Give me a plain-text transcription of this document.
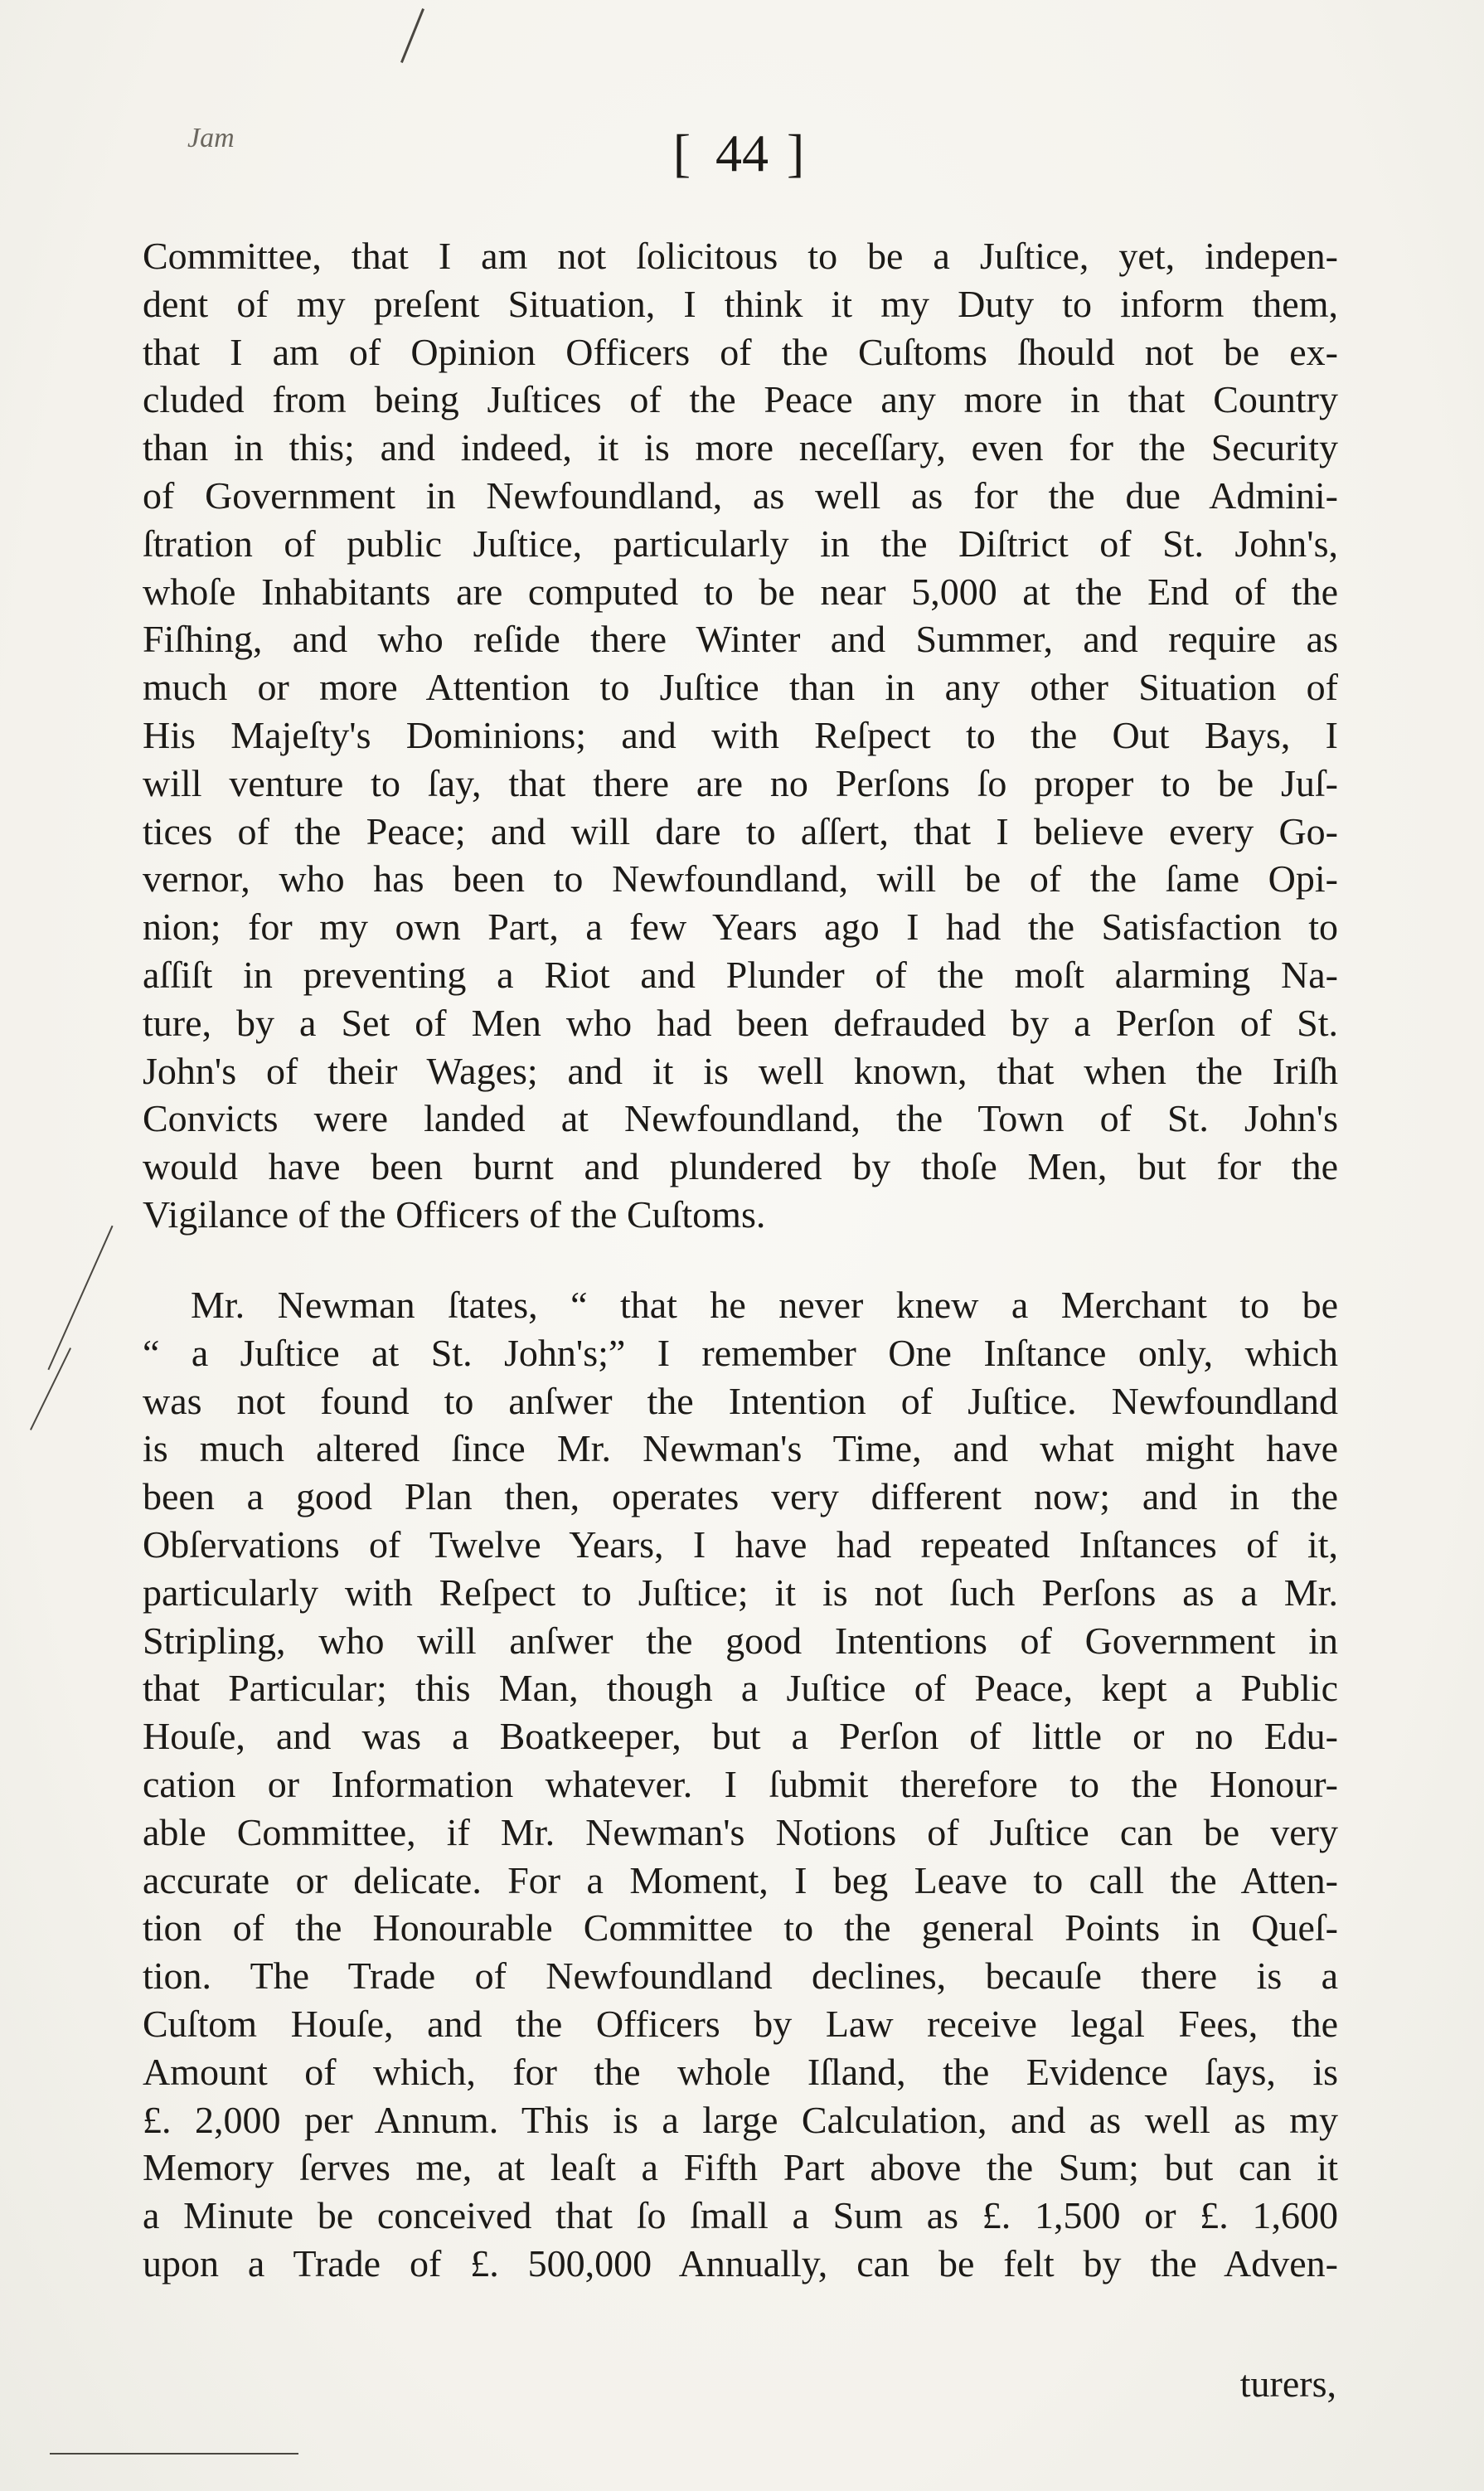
Jam	[ 44 ]
Committee, that I am not ſolicitous to be a Juſtice, yet, indepen-
dent of my preſent Situation, I think it my Duty to inform them,
that I am of Opinion Officers of the Cuſtoms ſhould not be ex-
cluded from being Juſtices of the Peace any more in that Country
than in this; and indeed, it is more neceſſary, even for the Security
of Government in Newfoundland, as well as for the due Admini-
ſtration of public Juſtice, particularly in the Diſtrict of St. John's,
whoſe Inhabitants are computed to be near 5,000 at the End of the
Fiſhing, and who reſide there Winter and Summer, and require as
much or more Attention to Juſtice than in any other Situation of
His Majeſty's Dominions; and with Reſpect to the Out Bays, I
will venture to ſay, that there are no Perſons ſo proper to be Juſ-
tices of the Peace; and will dare to aſſert, that I believe every Go-
vernor, who has been to Newfoundland, will be of the ſame Opi-
nion; for my own Part, a few Years ago I had the Satisfaction to
aſſiſt in preventing a Riot and Plunder of the moſt alarming Na-
ture, by a Set of Men who had been defrauded by a Perſon of St.
John's of their Wages; and it is well known, that when the Iriſh
Convicts were landed at Newfoundland, the Town of St. John's
would have been burnt and plundered by thoſe Men, but for the
Vigilance of the Officers of the Cuſtoms.
Mr. Newman ſtates, “ that he never knew a Merchant to be
“ a Juſtice at St. John's;” I remember One Inſtance only, which
was not found to anſwer the Intention of Juſtice. Newfoundland
is much altered ſince Mr. Newman's Time, and what might have
been a good Plan then, operates very different now; and in the
Obſervations of Twelve Years, I have had repeated Inſtances of it,
particularly with Reſpect to Juſtice; it is not ſuch Perſons as a Mr.
Stripling, who will anſwer the good Intentions of Government in
that Particular; this Man, though a Juſtice of Peace, kept a Public
Houſe, and was a Boatkeeper, but a Perſon of little or no Edu-
cation or Information whatever. I ſubmit therefore to the Honour-
able Committee, if Mr. Newman's Notions of Juſtice can be very
accurate or delicate. For a Moment, I beg Leave to call the Atten-
tion of the Honourable Committee to the general Points in Queſ-
tion. The Trade of Newfoundland declines, becauſe there is a
Cuſtom Houſe, and the Officers by Law receive legal Fees, the
Amount of which, for the whole Iſland, the Evidence ſays, is
£. 2,000 per Annum. This is a large Calculation, and as well as my
Memory ſerves me, at leaſt a Fifth Part above the Sum; but can it
a Minute be conceived that ſo ſmall a Sum as £. 1,500 or £. 1,600
upon a Trade of £. 500,000 Annually, can be felt by the Adven-
turers,
